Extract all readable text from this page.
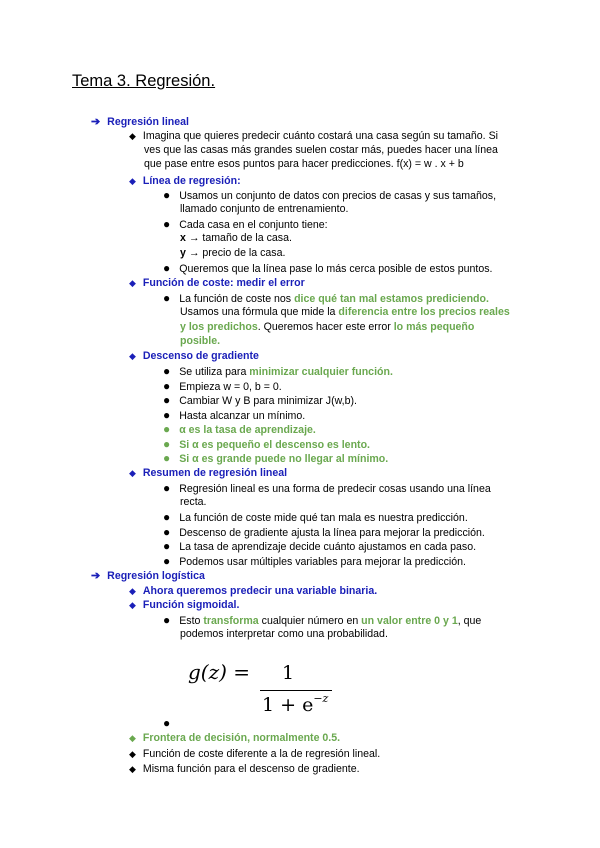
Tema 3. Regresión.
➔ Regresión lineal
◆ Imagina que quieres predecir cuánto costará una casa según su tamaño. Si
ves que las casas más grandes suelen costar más, puedes hacer una línea
que pase entre esos puntos para hacer predicciones. f(x) = w . x + b
◆ Línea de regresión:
● Usamos un conjunto de datos con precios de casas y sus tamaños,
llamado conjunto de entrenamiento.
● Cada casa en el conjunto tiene:
x → tamaño de la casa.
y → precio de la casa.
● Queremos que la línea pase lo más cerca posible de estos puntos.
◆ Función de coste: medir el error
● La función de coste nos dice qué tan mal estamos prediciendo.
Usamos una fórmula que mide la diferencia entre los precios reales
y los predichos. Queremos hacer este error lo más pequeño
posible.
◆ Descenso de gradiente
● Se utiliza para minimizar cualquier función.
● Empieza w = 0, b = 0.
● Cambiar W y B para minimizar J(w,b).
● Hasta alcanzar un mínimo.
● α es la tasa de aprendizaje.
● Si α es pequeño el descenso es lento.
● Si α es grande puede no llegar al mínimo.
◆ Resumen de regresión lineal
● Regresión lineal es una forma de predecir cosas usando una línea
recta.
● La función de coste mide qué tan mala es nuestra predicción.
● Descenso de gradiente ajusta la línea para mejorar la predicción.
● La tasa de aprendizaje decide cuánto ajustamos en cada paso.
● Podemos usar múltiples variables para mejorar la predicción.
➔ Regresión logística
◆ Ahora queremos predecir una variable binaria.
◆ Función sigmoidal.
● Esto transforma cualquier número en un valor entre 0 y 1, que
podemos interpretar como una probabilidad.
g(z) = 1
$1 + e^{-z}$
●
◆ Frontera de decisión, normalmente 0.5.
◆ Función de coste diferente a la de regresión lineal.
◆ Misma función para el descenso de gradiente.
